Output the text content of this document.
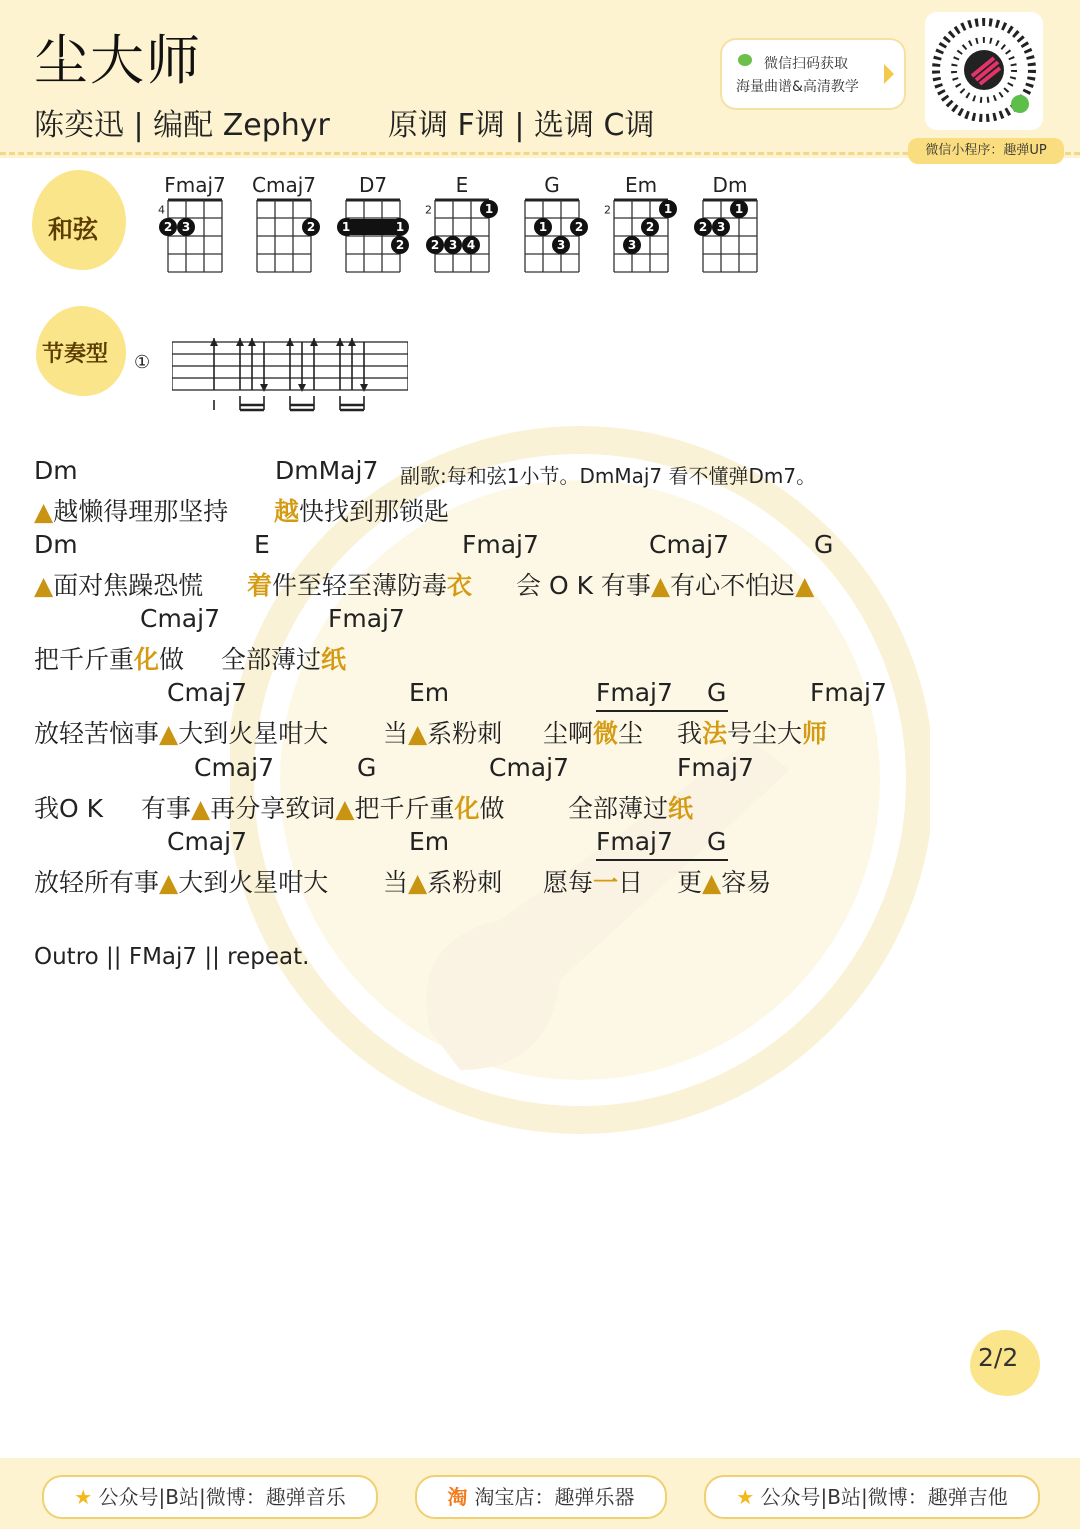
尘大师
陈奕迅 | 编配 Zephyr 原调 F调 | 选调 C调
微信扫码获取
海量曲谱&高清教学
微信小程序：趣弹UP
和弦
Fmaj7
4
2 3
Cmaj7
2
D7
1	1
2
E
2	1
2 3 4
G
1 2
3
Em
2	1
2
3
Dm
1
2 3
节奏型 ①
Dm	DmMaj7 副歌:每和弦1小节。DmMaj7 看不懂弹Dm7。
▲越懒得理那坚持 越快找到那锁匙
Dm	E	Fmaj7	Cmaj7	G
▲面对焦躁恐慌 着件至轻至薄防毒衣 会 O K 有事▲有心不怕迟▲
Cmaj7	Fmaj7
把千斤重化做 全部薄过纸
Cmaj7	Em	Fmaj7 G	Fmaj7
放轻苦恼事▲大到火星咁大 当▲系粉刺 尘啊微尘 我法号尘大师
Cmaj7	G	Cmaj7	Fmaj7
我O K 有事▲再分享致词▲把千斤重化做	全部薄过纸
Cmaj7	Em	Fmaj7 G
放轻所有事▲大到火星咁大 当▲系粉刺 愿每一日 更▲容易
Outro || FMaj7 || repeat.
2/2
★ 公众号|B站|微博：趣弹音乐	淘 淘宝店：趣弹乐器	★ 公众号|B站|微博：趣弹吉他
